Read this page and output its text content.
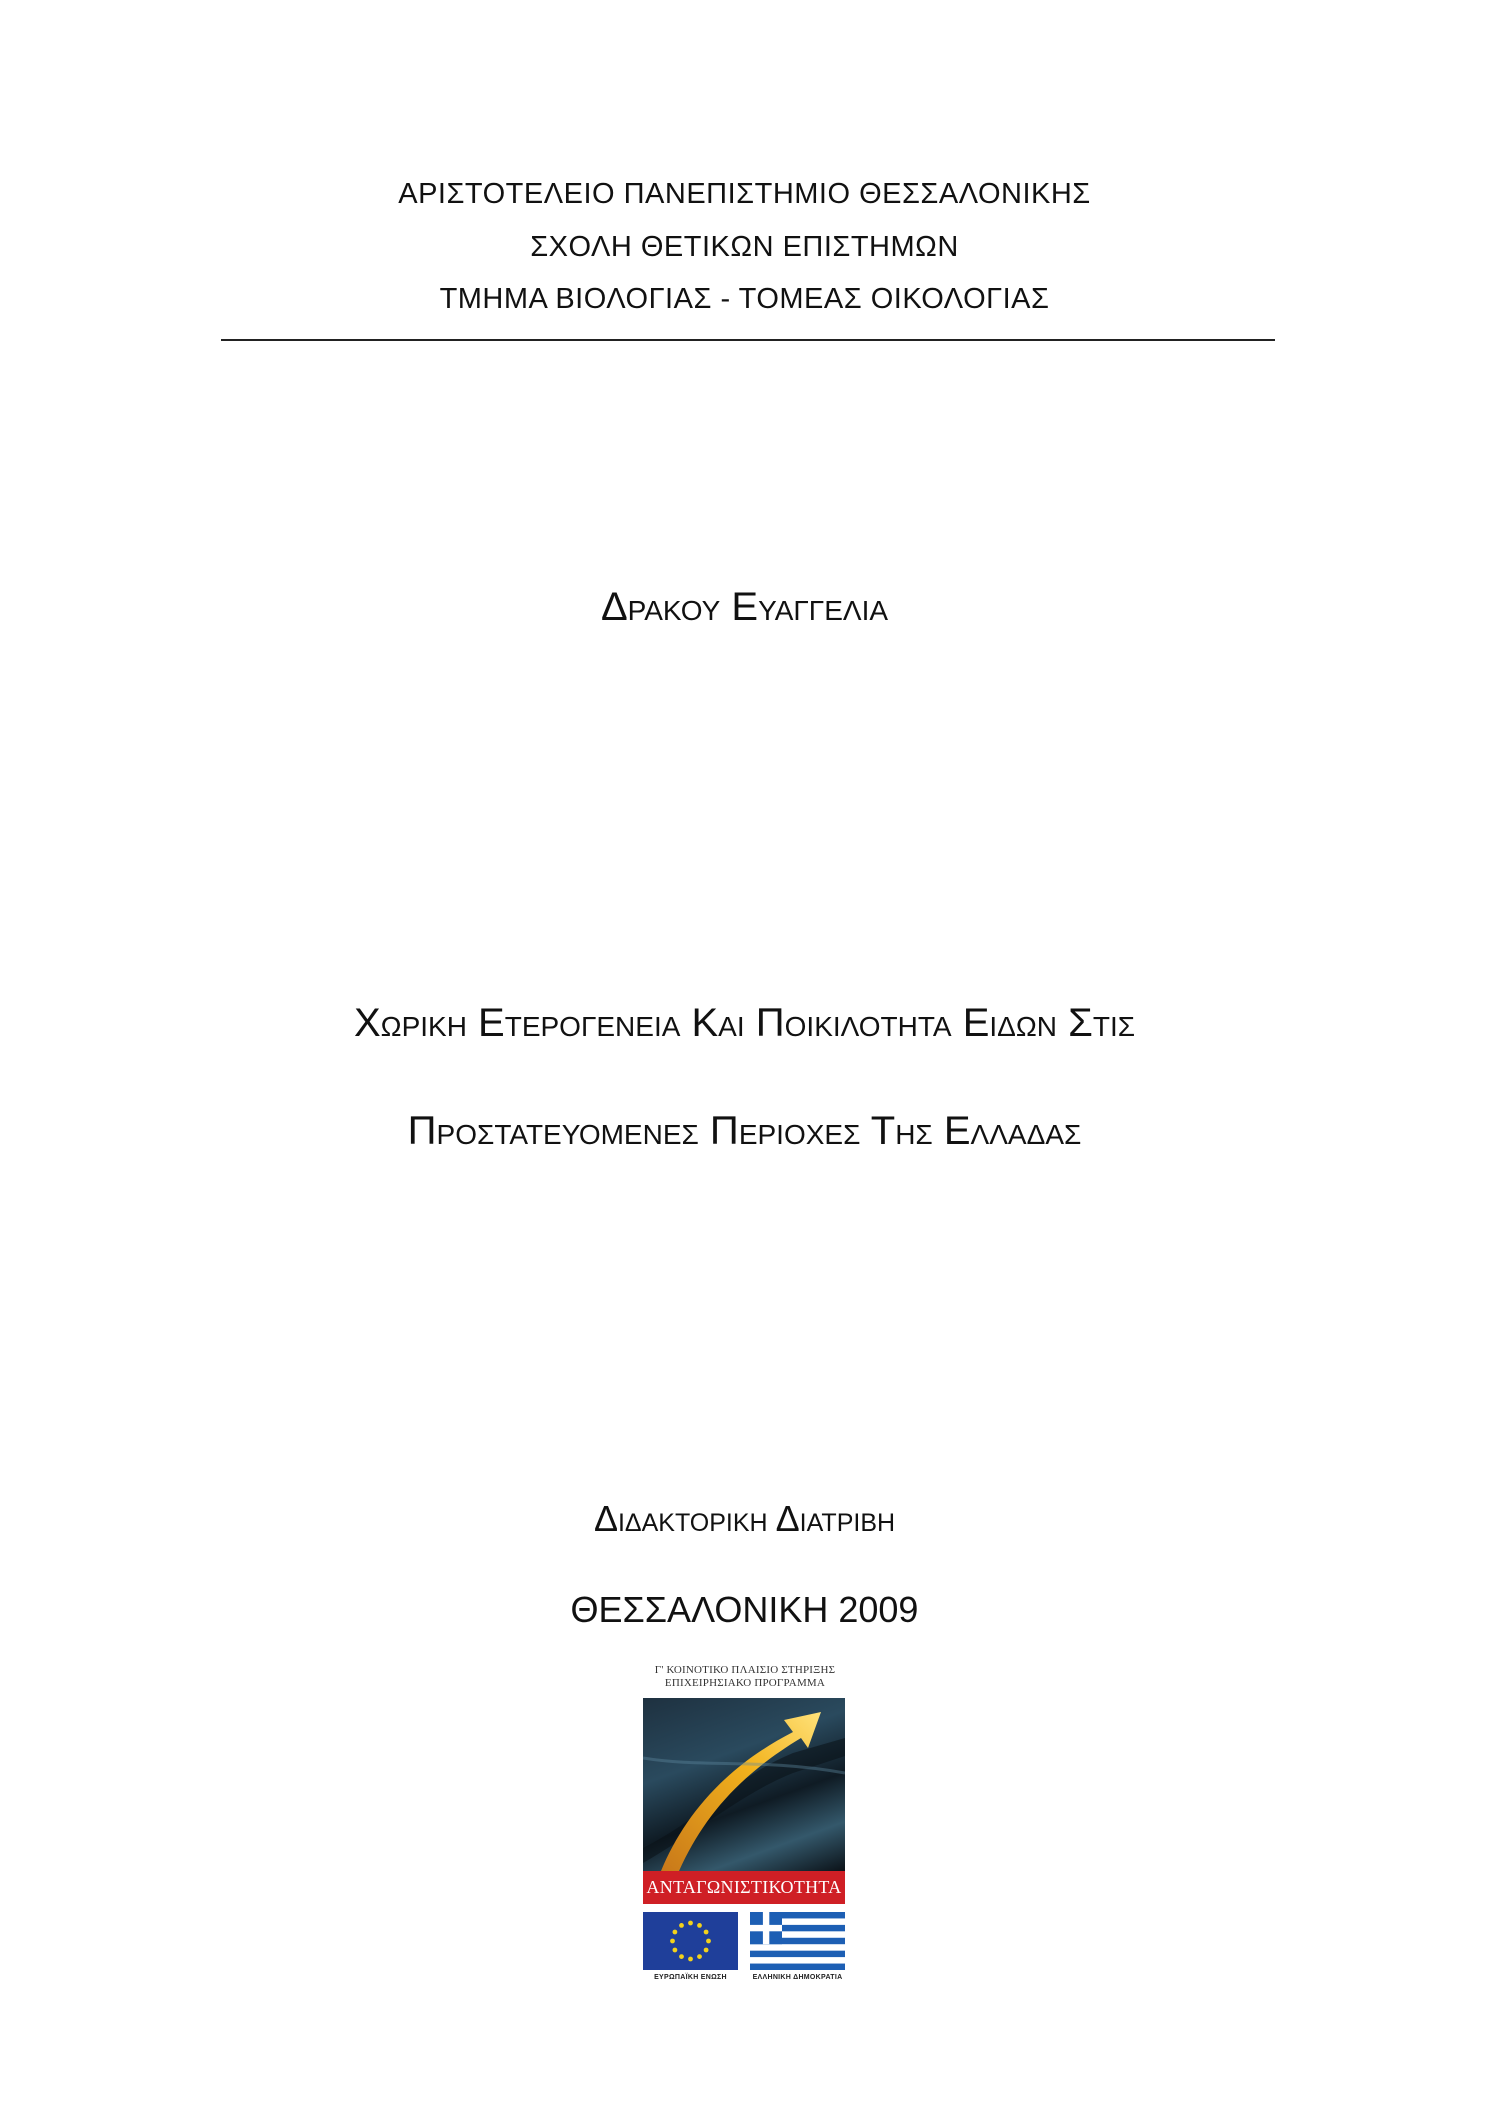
ΑΡΙΣΤΟΤΕΛΕΙΟ ΠΑΝΕΠΙΣΤΗΜΙΟ ΘΕΣΣΑΛΟΝΙΚΗΣ
ΣΧΟΛΗ ΘΕΤΙΚΩΝ ΕΠΙΣΤΗΜΩΝ
ΤΜΗΜΑ ΒΙΟΛΟΓΙΑΣ - ΤΟΜΕΑΣ ΟΙΚΟΛΟΓΙΑΣ
Δρακου Ευαγγελια
Χωρικη Ετερογενεια Και Ποικιλοτητα Ειδων Στις
Προστατευομενες Περιοχες Της Ελλαδας
Διδακτορικη Διατριβη
ΘΕΣΣΑΛΟΝΙΚΗ 2009
Γ' ΚΟΙΝΟΤΙΚΟ ΠΛΑΙΣΙΟ ΣΤΗΡΙΞΗΣ
ΕΠΙΧΕΙΡΗΣΙΑΚΟ ΠΡΟΓΡΑΜΜΑ
ΑΝΤΑΓΩΝΙΣΤΙΚΟΤΗΤΑ
ΕΥΡΩΠΑΪΚΗ ΕΝΩΣΗ	ΕΛΛΗΝΙΚΗ ΔΗΜΟΚΡΑΤΙΑ
